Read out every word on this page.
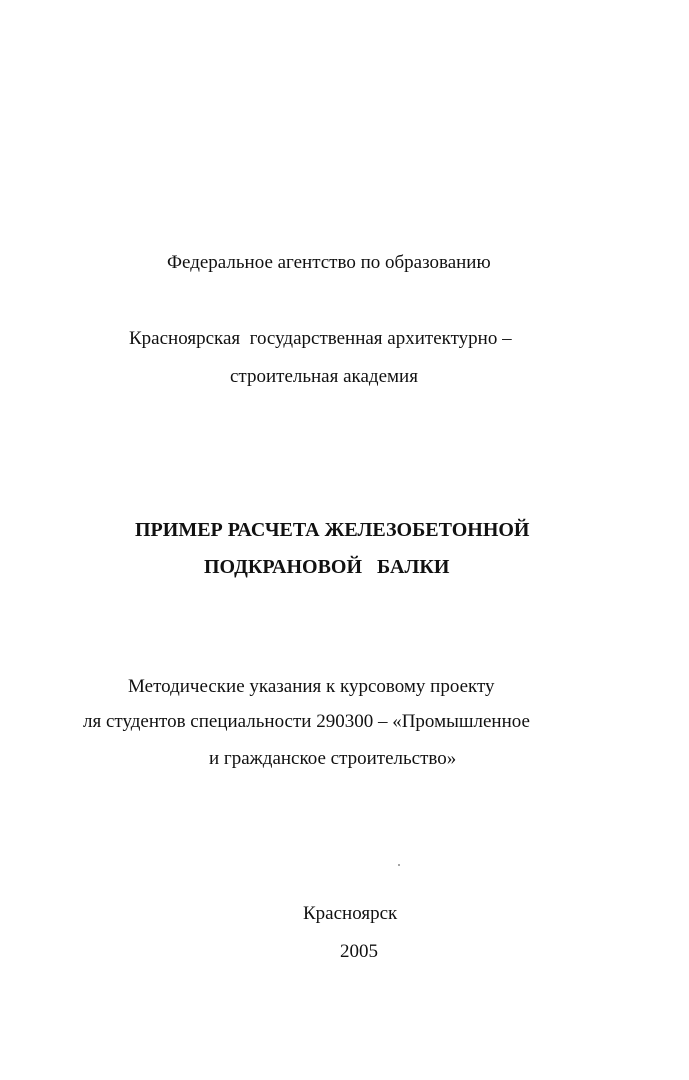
Федеральное агентство по образованию
Красноярская  государственная архитектурно –
строительная академия
ПРИМЕР РАСЧЕТА ЖЕЛЕЗОБЕТОННОЙ
ПОДКРАНОВОЙ   БАЛКИ
Методические указания к курсовому проекту
ля студентов специальности 290300 – «Промышленное
и гражданское строительство»
Красноярск
2005
